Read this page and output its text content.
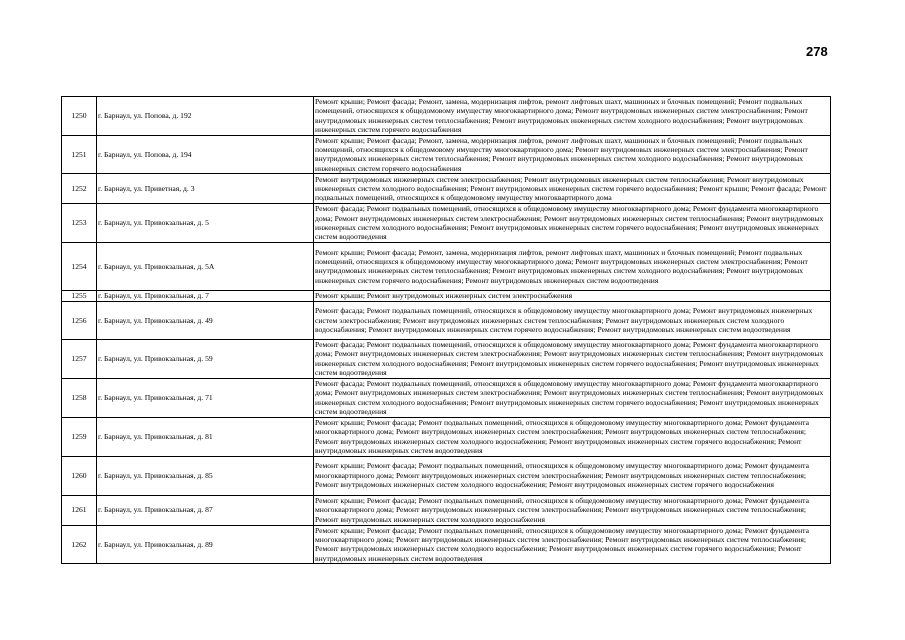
278
1250	г. Барнаул, ул. Попова, д. 192	Ремонт крыши; Ремонт фасада; Ремонт, замена, модернизация лифтов, ремонт лифтовых шахт, машинных и блочных помещений; Ремонт подвальных помещений, относящихся к общедомовому имуществу многоквартирного дома; Ремонт внутридомовых инженерных систем электроснабжения; Ремонт внутридомовых инженерных систем теплоснабжения; Ремонт внутридомовых инженерных систем холодного водоснабжения; Ремонт внутридомовых инженерных систем горячего водоснабжения
1251	г. Барнаул, ул. Попова, д. 194	Ремонт крыши; Ремонт фасада; Ремонт, замена, модернизация лифтов, ремонт лифтовых шахт, машинных и блочных помещений; Ремонт подвальных помещений, относящихся к общедомовому имуществу многоквартирного дома; Ремонт внутридомовых инженерных систем электроснабжения; Ремонт внутридомовых инженерных систем теплоснабжения; Ремонт внутридомовых инженерных систем холодного водоснабжения; Ремонт внутридомовых инженерных систем горячего водоснабжения
1252	г. Барнаул, ул. Приветная, д. 3	Ремонт внутридомовых инженерных систем электроснабжения; Ремонт внутридомовых инженерных систем теплоснабжения; Ремонт внутридомовых инженерных систем холодного водоснабжения; Ремонт внутридомовых инженерных систем горячего водоснабжения; Ремонт крыши; Ремонт фасада; Ремонт подвальных помещений, относящихся к общедомовому имуществу многоквартирного дома
1253	г. Барнаул, ул. Привокзальная, д. 5	Ремонт фасада; Ремонт подвальных помещений, относящихся к общедомовому имуществу многоквартирного дома; Ремонт фундамента многоквартирного дома; Ремонт внутридомовых инженерных систем электроснабжения; Ремонт внутридомовых инженерных систем теплоснабжения; Ремонт внутридомовых инженерных систем холодного водоснабжения; Ремонт внутридомовых инженерных систем горячего водоснабжения; Ремонт внутридомовых инженерных систем водоотведения
1254	г. Барнаул, ул. Привокзальная, д. 5А	Ремонт крыши; Ремонт фасада; Ремонт, замена, модернизация лифтов, ремонт лифтовых шахт, машинных и блочных помещений; Ремонт подвальных помещений, относящихся к общедомовому имуществу многоквартирного дома; Ремонт внутридомовых инженерных систем электроснабжения; Ремонт внутридомовых инженерных систем теплоснабжения; Ремонт внутридомовых инженерных систем холодного водоснабжения; Ремонт внутридомовых инженерных систем горячего водоснабжения; Ремонт внутридомовых инженерных систем водоотведения
1255	г. Барнаул, ул. Привокзальная, д. 7	Ремонт крыши; Ремонт внутридомовых инженерных систем электроснабжения
1256	г. Барнаул, ул. Привокзальная, д. 49	Ремонт фасада; Ремонт подвальных помещений, относящихся к общедомовому имуществу многоквартирного дома; Ремонт внутридомовых инженерных систем электроснабжения; Ремонт внутридомовых инженерных систем теплоснабжения; Ремонт внутридомовых инженерных систем холодного водоснабжения; Ремонт внутридомовых инженерных систем горячего водоснабжения; Ремонт внутридомовых инженерных систем водоотведения
1257	г. Барнаул, ул. Привокзальная, д. 59	Ремонт фасада; Ремонт подвальных помещений, относящихся к общедомовому имуществу многоквартирного дома; Ремонт фундамента многоквартирного дома; Ремонт внутридомовых инженерных систем электроснабжения; Ремонт внутридомовых инженерных систем теплоснабжения; Ремонт внутридомовых инженерных систем холодного водоснабжения; Ремонт внутридомовых инженерных систем горячего водоснабжения; Ремонт внутридомовых инженерных систем водоотведения
1258	г. Барнаул, ул. Привокзальная, д. 71	Ремонт фасада; Ремонт подвальных помещений, относящихся к общедомовому имуществу многоквартирного дома; Ремонт фундамента многоквартирного дома; Ремонт внутридомовых инженерных систем электроснабжения; Ремонт внутридомовых инженерных систем теплоснабжения; Ремонт внутридомовых инженерных систем холодного водоснабжения; Ремонт внутридомовых инженерных систем горячего водоснабжения; Ремонт внутридомовых инженерных систем водоотведения
1259	г. Барнаул, ул. Привокзальная, д. 81	Ремонт крыши; Ремонт фасада; Ремонт подвальных помещений, относящихся к общедомовому имуществу многоквартирного дома; Ремонт фундамента многоквартирного дома; Ремонт внутридомовых инженерных систем электроснабжения; Ремонт внутридомовых инженерных систем теплоснабжения; Ремонт внутридомовых инженерных систем холодного водоснабжения; Ремонт внутридомовых инженерных систем горячего водоснабжения; Ремонт внутридомовых инженерных систем водоотведения
1260	г. Барнаул, ул. Привокзальная, д. 85	Ремонт крыши; Ремонт фасада; Ремонт подвальных помещений, относящихся к общедомовому имуществу многоквартирного дома; Ремонт фундамента многоквартирного дома; Ремонт внутридомовых инженерных систем электроснабжения; Ремонт внутридомовых инженерных систем теплоснабжения; Ремонт внутридомовых инженерных систем холодного водоснабжения; Ремонт внутридомовых инженерных систем горячего водоснабжения
1261	г. Барнаул, ул. Привокзальная, д. 87	Ремонт крыши; Ремонт фасада; Ремонт подвальных помещений, относящихся к общедомовому имуществу многоквартирного дома; Ремонт фундамента многоквартирного дома; Ремонт внутридомовых инженерных систем электроснабжения; Ремонт внутридомовых инженерных систем теплоснабжения; Ремонт внутридомовых инженерных систем холодного водоснабжения
1262	г. Барнаул, ул. Привокзальная, д. 89	Ремонт крыши; Ремонт фасада; Ремонт подвальных помещений, относящихся к общедомовому имуществу многоквартирного дома; Ремонт фундамента многоквартирного дома; Ремонт внутридомовых инженерных систем электроснабжения; Ремонт внутридомовых инженерных систем теплоснабжения; Ремонт внутридомовых инженерных систем холодного водоснабжения; Ремонт внутридомовых инженерных систем горячего водоснабжения; Ремонт внутридомовых инженерных систем водоотведения
